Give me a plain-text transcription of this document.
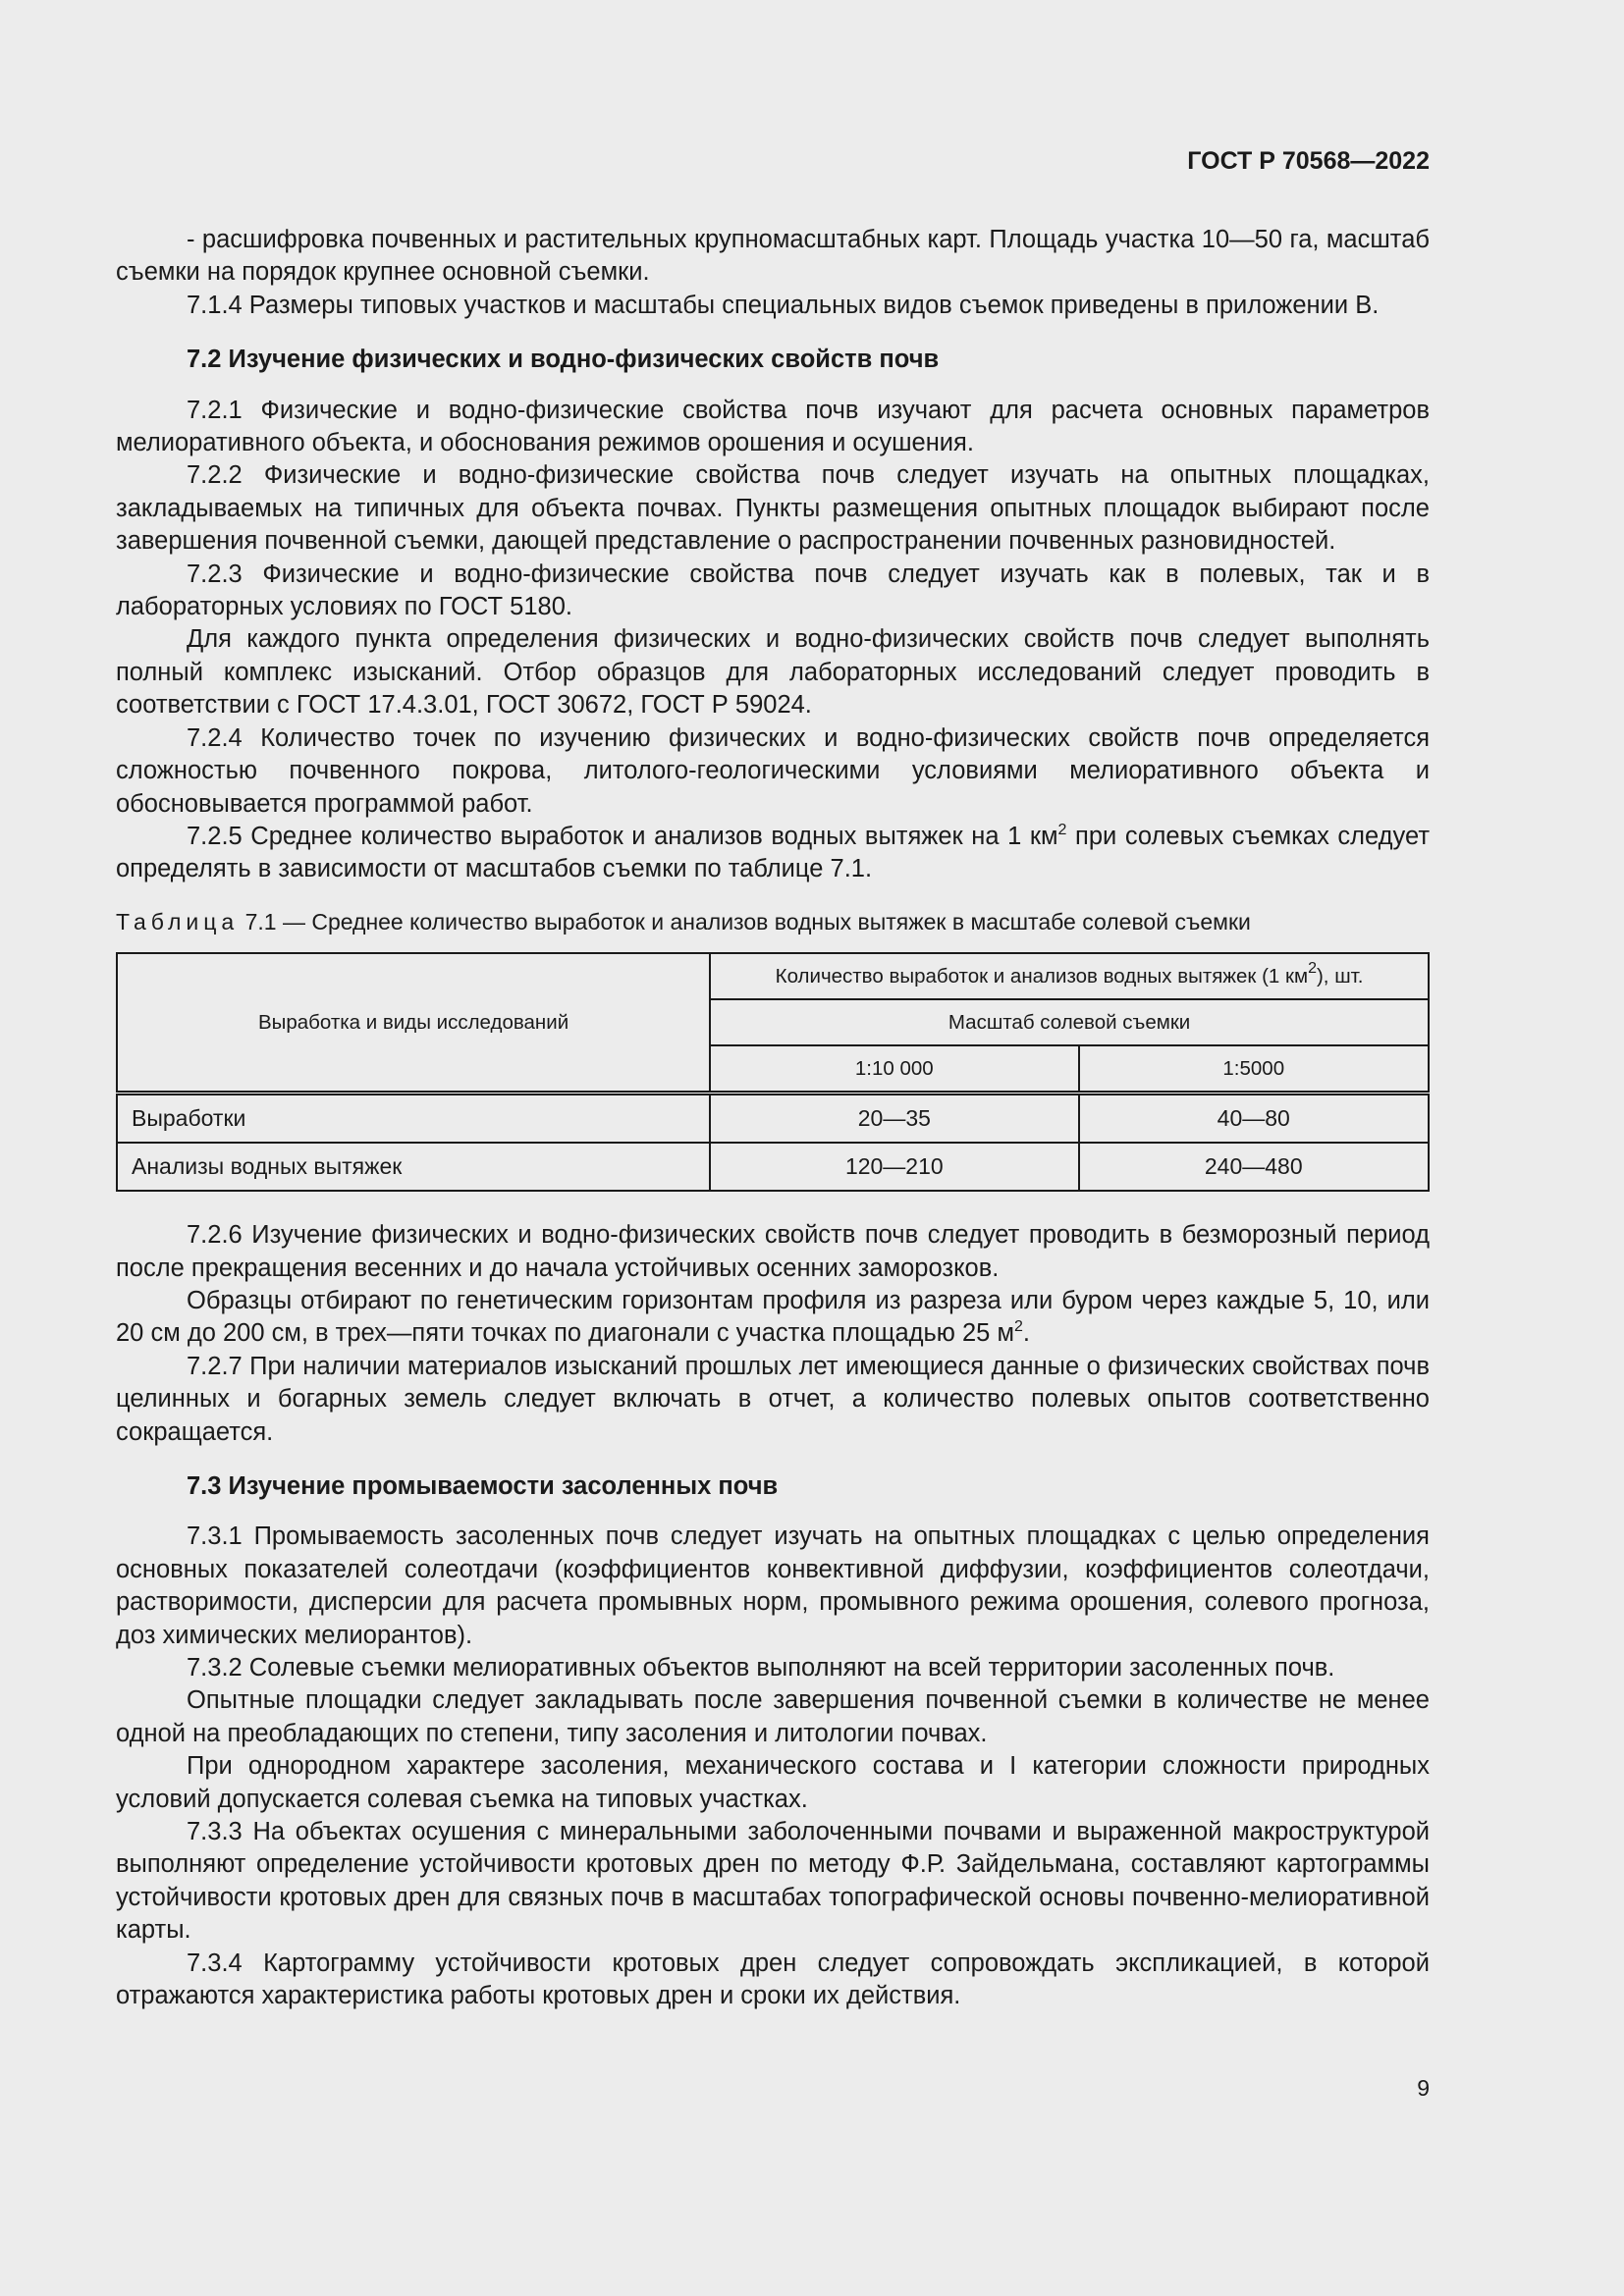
ГОСТ Р 70568—2022

- расшифровка почвенных и растительных крупномасштабных карт. Площадь участка 10—50 га, масштаб съемки на порядок крупнее основной съемки.

7.1.4 Размеры типовых участков и масштабы специальных видов съемок приведены в приложении В.

7.2 Изучение физических и водно-физических свойств почв

7.2.1 Физические и водно-физические свойства почв изучают для расчета основных параметров мелиоративного объекта, и обоснования режимов орошения и осушения.

7.2.2 Физические и водно-физические свойства почв следует изучать на опытных площадках, закладываемых на типичных для объекта почвах. Пункты размещения опытных площадок выбирают после завершения почвенной съемки, дающей представление о распространении почвенных разновидностей.

7.2.3 Физические и водно-физические свойства почв следует изучать как в полевых, так и в лабораторных условиях по ГОСТ 5180.

Для каждого пункта определения физических и водно-физических свойств почв следует выполнять полный комплекс изысканий. Отбор образцов для лабораторных исследований следует проводить в соответствии с ГОСТ 17.4.3.01, ГОСТ 30672, ГОСТ Р 59024.

7.2.4 Количество точек по изучению физических и водно-физических свойств почв определяется сложностью почвенного покрова, литолого-геологическими условиями мелиоративного объекта и обосновывается программой работ.

7.2.5 Среднее количество выработок и анализов водных вытяжек на 1 $км^2$ при солевых съемках следует определять в зависимости от масштабов съемки по таблице 7.1.

Таблица 7.1 — Среднее количество выработок и анализов водных вытяжек в масштабе солевой съемки
Выработка и виды исследований	Количество выработок и анализов водных вытяжек (1 $км^2$), шт.	
	Масштаб солевой съемки	
	1:10 000	1:5000
Выработки	20—35	40—80
Анализы водных вытяжек	120—210	240—480

7.2.6 Изучение физических и водно-физических свойств почв следует проводить в безморозный период после прекращения весенних и до начала устойчивых осенних заморозков.

Образцы отбирают по генетическим горизонтам профиля из разреза или буром через каждые 5, 10, или 20 см до 200 см, в трех—пяти точках по диагонали с участка площадью 25 $м^2$.

7.2.7 При наличии материалов изысканий прошлых лет имеющиеся данные о физических свойствах почв целинных и богарных земель следует включать в отчет, а количество полевых опытов соответственно сокращается.

7.3 Изучение промываемости засоленных почв

7.3.1 Промываемость засоленных почв следует изучать на опытных площадках с целью определения основных показателей солеотдачи (коэффициентов конвективной диффузии, коэффициентов солеотдачи, растворимости, дисперсии для расчета промывных норм, промывного режима орошения, солевого прогноза, доз химических мелиорантов).

7.3.2 Солевые съемки мелиоративных объектов выполняют на всей территории засоленных почв.

Опытные площадки следует закладывать после завершения почвенной съемки в количестве не менее одной на преобладающих по степени, типу засоления и литологии почвах.

При однородном характере засоления, механического состава и I категории сложности природных условий допускается солевая съемка на типовых участках.

7.3.3 На объектах осушения с минеральными заболоченными почвами и выраженной макроструктурой выполняют определение устойчивости кротовых дрен по методу Ф.Р. Зайдельмана, составляют картограммы устойчивости кротовых дрен для связных почв в масштабах топографической основы почвенно-мелиоративной карты.

7.3.4 Картограмму устойчивости кротовых дрен следует сопровождать экспликацией, в которой отражаются характеристика работы кротовых дрен и сроки их действия.

9
